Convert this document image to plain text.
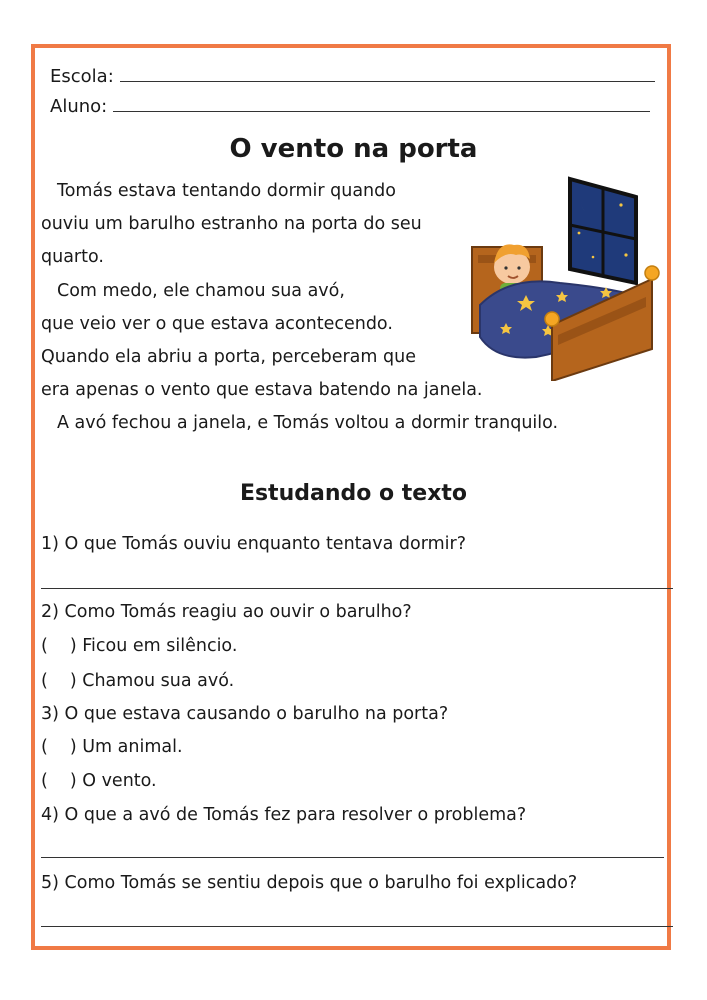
Escola:
Aluno:
O vento na porta
Tomás estava tentando dormir quando
ouviu um barulho estranho na porta do seu
quarto.
Com medo, ele chamou sua avó,
que veio ver o que estava acontecendo.
Quando ela abriu a porta, perceberam que
era apenas o vento que estava batendo na janela.
A avó fechou a janela, e Tomás voltou a dormir tranquilo.
Estudando o texto
1) O que Tomás ouviu enquanto tentava dormir?
2) Como Tomás reagiu ao ouvir o barulho?
( ) Ficou em silêncio.
( ) Chamou sua avó.
3) O que estava causando o barulho na porta?
( ) Um animal.
( ) O vento.
4) O que a avó de Tomás fez para resolver o problema?
5) Como Tomás se sentiu depois que o barulho foi explicado?
